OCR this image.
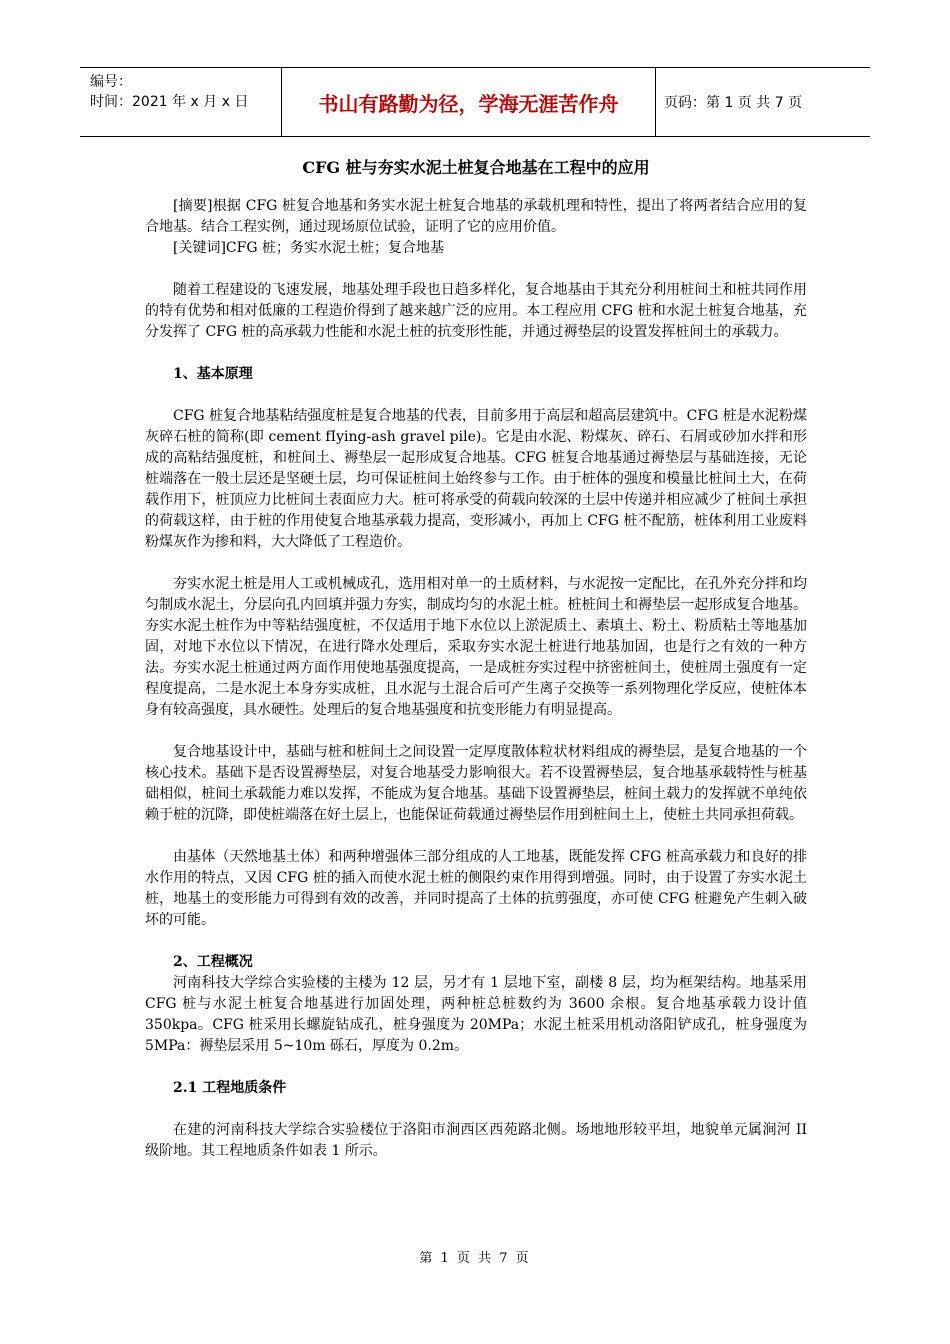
编号：
时间：2021 年 x 月 x 日	书山有路勤为径，学海无涯苦作舟	页码：第 1 页 共 7 页
CFG 桩与夯实水泥土桩复合地基在工程中的应用

[摘要]根据 CFG 桩复合地基和务实水泥土桩复合地基的承载机理和特性，提出了将两者结合应用的复合地基。结合工程实例，通过现场原位试验，证明了它的应用价值。

[关键词]CFG 桩；务实水泥土桩；复合地基

随着工程建设的飞速发展，地基处理手段也日趋多样化，复合地基由于其充分利用桩间土和桩共同作用的特有优势和相对低廉的工程造价得到了越来越广泛的应用。本工程应用 CFG 桩和水泥土桩复合地基，充分发挥了 CFG 桩的高承载力性能和水泥土桩的抗变形性能，并通过褥垫层的设置发挥桩间土的承载力。

1、基本原理

CFG 桩复合地基粘结强度桩是复合地基的代表，目前多用于高层和超高层建筑中。CFG 桩是水泥粉煤灰碎石桩的简称(即 cement fIying-ash gravel pile)。它是由水泥、粉煤灰、碎石、石屑或砂加水拌和形成的高粘结强度桩，和桩间土、褥垫层一起形成复合地基。CFG 桩复合地基通过褥垫层与基础连接，无论桩端落在一般土层还是坚硬土层，均可保证桩间土始终参与工作。由于桩体的强度和模量比桩间土大，在荷载作用下，桩顶应力比桩间土表面应力大。桩可将承受的荷载向较深的土层中传递并相应减少了桩间土承担的荷载这样，由于桩的作用使复合地基承载力提高，变形减小，再加上 CFG 桩不配筋，桩体利用工业废料粉煤灰作为掺和料，大大降低了工程造价。

夯实水泥土桩是用人工或机械成孔，选用相对单一的土质材料，与水泥按一定配比，在孔外充分拌和均匀制成水泥土，分层向孔内回填并强力夯实，制成均匀的水泥土桩。桩桩间土和褥垫层一起形成复合地基。夯实水泥土桩作为中等粘结强度桩，不仅适用于地下水位以上淤泥质土、素填土、粉土、粉质粘土等地基加固，对地下水位以下情况，在进行降水处理后，采取夯实水泥土桩进行地基加固，也是行之有效的一种方法。夯实水泥土桩通过两方面作用使地基强度提高，一是成桩夯实过程中挤密桩间土，使桩周土强度有一定程度提高，二是水泥土本身夯实成桩，且水泥与土混合后可产生离子交换等一系列物理化学反应，使桩体本身有较高强度，具水硬性。处理后的复合地基强度和抗变形能力有明显提高。

复合地基设计中，基础与桩和桩间土之间设置一定厚度散体粒状材料组成的褥垫层，是复合地基的一个核心技术。基础下是否设置褥垫层，对复合地基受力影响很大。若不设置褥垫层，复合地基承载特性与桩基础相似，桩间土承载能力难以发挥，不能成为复合地基。基础下设置褥垫层，桩间土载力的发挥就不单纯依赖于桩的沉降，即使桩端落在好土层上，也能保证荷载通过褥垫层作用到桩间土上，使桩土共同承担荷载。

由基体（天然地基土体）和两种增强体三部分组成的人工地基，既能发挥 CFG 桩高承载力和良好的排水作用的特点，又因 CFG 桩的插入而使水泥土桩的侧限约束作用得到增强。同时，由于设置了夯实水泥土桩，地基土的变形能力可得到有效的改善，并同时提高了土体的抗剪强度，亦可使 CFG 桩避免产生刺入破坏的可能。

2、工程概况

河南科技大学综合实验楼的主楼为 12 层，另才有 1 层地下室，副楼 8 层，均为框架结构。地基采用 CFG 桩与水泥土桩复合地基进行加固处理，两种桩总桩数约为 3600 余根。复合地基承载力设计值 350kpa。CFG 桩采用长螺旋钻成孔，桩身强度为 20MPa；水泥土桩采用机动洛阳铲成孔，桩身强度为 5MPa：褥垫层采用 5~10m 砾石，厚度为 0.2m。

2.1 工程地质条件

在建的河南科技大学综合实验楼位于洛阳市涧西区西苑路北侧。场地地形较平坦，地貌单元属涧河 II 级阶地。其工程地质条件如表 1 所示。

第 1 页 共 7 页
